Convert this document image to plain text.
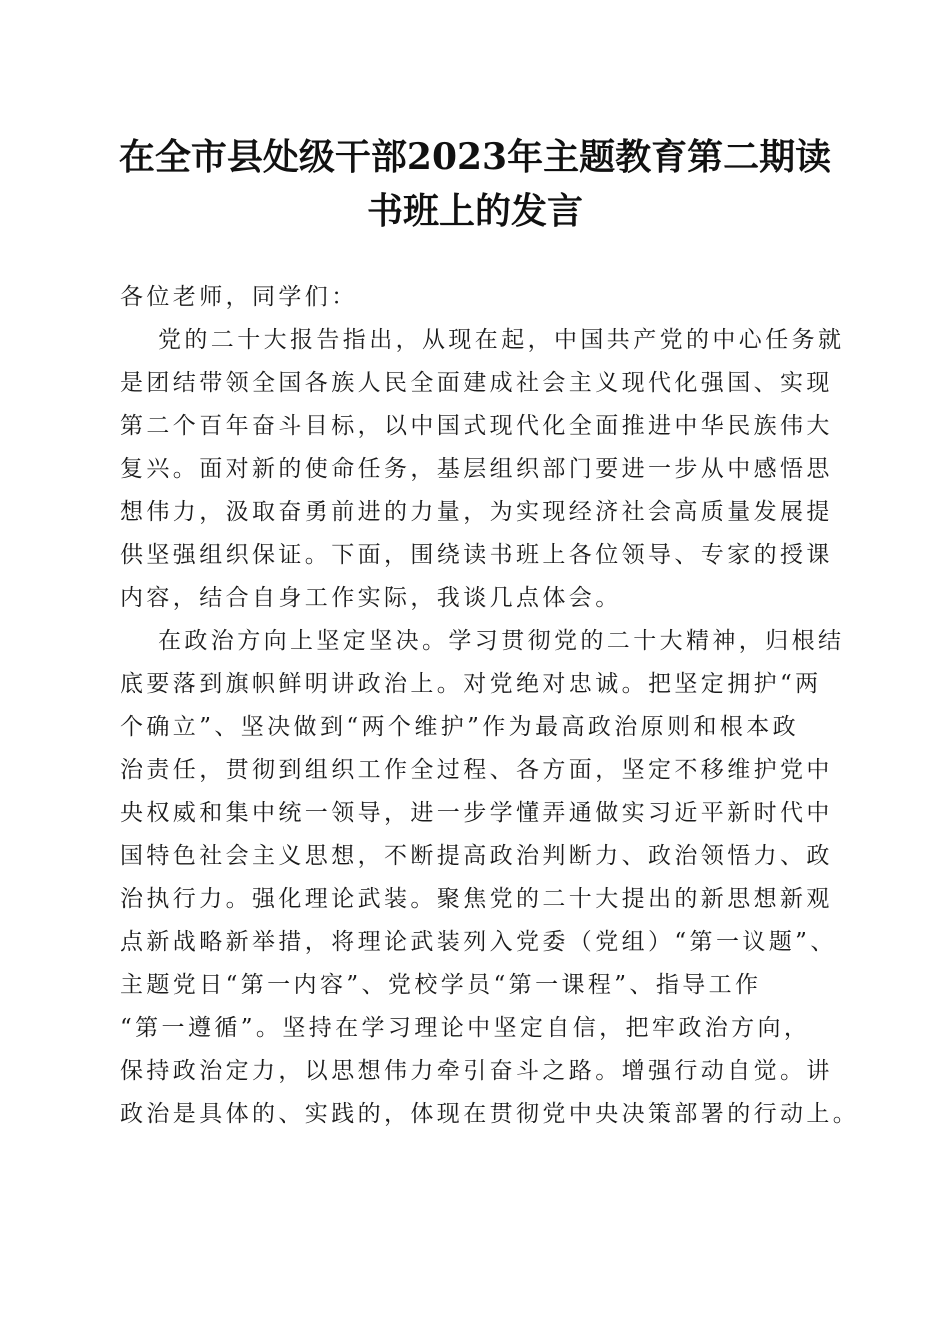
在全市县处级干部2023年主题教育第二期读
书班上的发言
各位老师，同学们：
党的二十大报告指出，从现在起，中国共产党的中心任务就
是团结带领全国各族人民全面建成社会主义现代化强国、实现
第二个百年奋斗目标，以中国式现代化全面推进中华民族伟大
复兴。面对新的使命任务，基层组织部门要进一步从中感悟思
想伟力，汲取奋勇前进的力量，为实现经济社会高质量发展提
供坚强组织保证。下面，围绕读书班上各位领导、专家的授课
内容，结合自身工作实际，我谈几点体会。
在政治方向上坚定坚决。学习贯彻党的二十大精神，归根结
底要落到旗帜鲜明讲政治上。对党绝对忠诚。把坚定拥护“两
个确立”、坚决做到“两个维护”作为最高政治原则和根本政
治责任，贯彻到组织工作全过程、各方面，坚定不移维护党中
央权威和集中统一领导，进一步学懂弄通做实习近平新时代中
国特色社会主义思想，不断提高政治判断力、政治领悟力、政
治执行力。强化理论武装。聚焦党的二十大提出的新思想新观
点新战略新举措，将理论武装列入党委（党组）“第一议题”、
主题党日“第一内容”、党校学员“第一课程”、指导工作
“第一遵循”。坚持在学习理论中坚定自信，把牢政治方向，
保持政治定力，以思想伟力牵引奋斗之路。增强行动自觉。讲
政治是具体的、实践的，体现在贯彻党中央决策部署的行动上。
